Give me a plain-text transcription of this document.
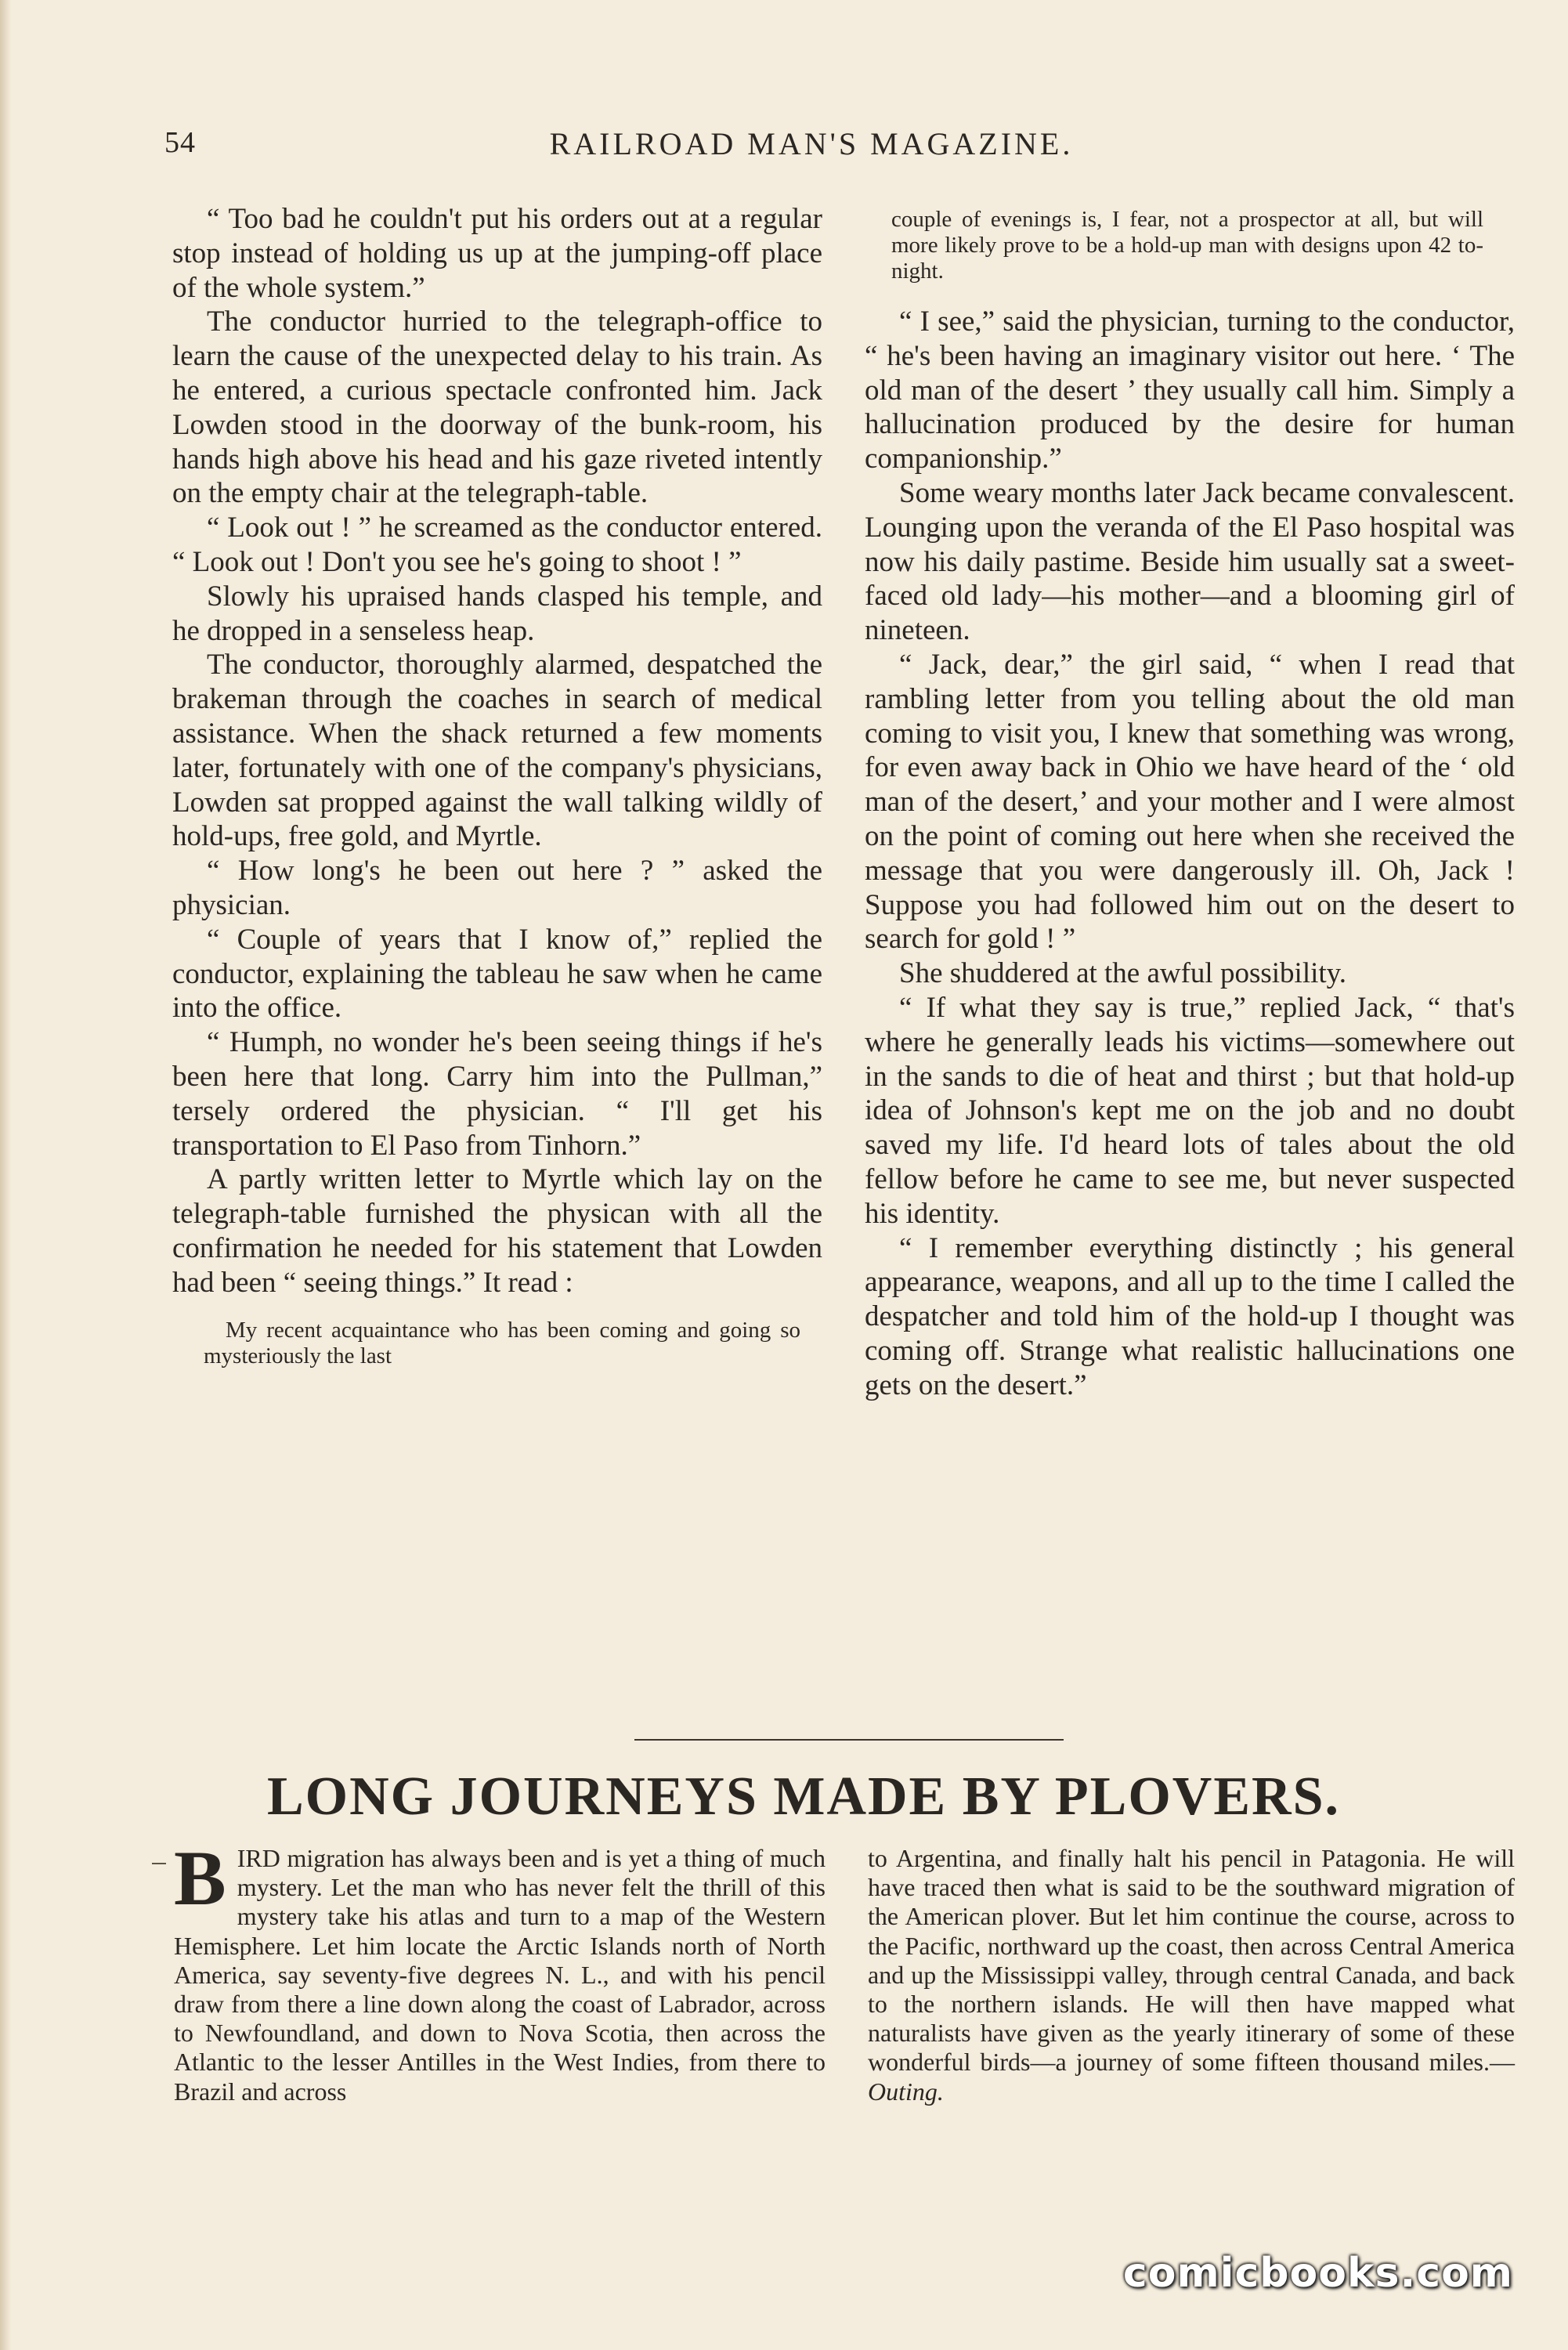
54	RAILROAD MAN'S MAGAZINE.

“ Too bad he couldn't put his orders out at a regular stop instead of holding us up at the jumping-off place of the whole system.”

The conductor hurried to the telegraph-office to learn the cause of the unexpected delay to his train. As he entered, a curious spectacle confronted him. Jack Lowden stood in the doorway of the bunk-room, his hands high above his head and his gaze riveted intently on the empty chair at the telegraph-table.

“ Look out ! ” he screamed as the conductor entered. “ Look out ! Don't you see he's going to shoot ! ”

Slowly his upraised hands clasped his temple, and he dropped in a senseless heap.

The conductor, thoroughly alarmed, despatched the brakeman through the coaches in search of medical assistance. When the shack returned a few moments later, fortunately with one of the company's physicians, Lowden sat propped against the wall talking wildly of hold-ups, free gold, and Myrtle.

“ How long's he been out here ? ” asked the physician.

“ Couple of years that I know of,” replied the conductor, explaining the tableau he saw when he came into the office.

“ Humph, no wonder he's been seeing things if he's been here that long. Carry him into the Pullman,” tersely ordered the physician. “ I'll get his transportation to El Paso from Tinhorn.”

A partly written letter to Myrtle which lay on the telegraph-table furnished the physican with all the confirmation he needed for his statement that Lowden had been “ seeing things.” It read :

My recent acquaintance who has been coming and going so mysteriously the last

couple of evenings is, I fear, not a prospector at all, but will more likely prove to be a hold-up man with designs upon 42 to-night.

“ I see,” said the physician, turning to the conductor, “ he's been having an imaginary visitor out here. ‘ The old man of the desert ’ they usually call him. Simply a hallucination produced by the desire for human companionship.”

Some weary months later Jack became convalescent. Lounging upon the veranda of the El Paso hospital was now his daily pastime. Beside him usually sat a sweet-faced old lady—his mother—and a blooming girl of nineteen.

“ Jack, dear,” the girl said, “ when I read that rambling letter from you telling about the old man coming to visit you, I knew that something was wrong, for even away back in Ohio we have heard of the ‘ old man of the desert,’ and your mother and I were almost on the point of coming out here when she received the message that you were dangerously ill. Oh, Jack ! Suppose you had followed him out on the desert to search for gold ! ”

She shuddered at the awful possibility.

“ If what they say is true,” replied Jack, “ that's where he generally leads his victims—somewhere out in the sands to die of heat and thirst ; but that hold-up idea of Johnson's kept me on the job and no doubt saved my life. I'd heard lots of tales about the old fellow before he came to see me, but never suspected his identity.

“ I remember everything distinctly ; his general appearance, weapons, and all up to the time I called the despatcher and told him of the hold-up I thought was coming off. Strange what realistic hallucinations one gets on the desert.”

LONG JOURNEYS MADE BY PLOVERS.

BIRD migration has always been and is yet a thing of much mystery. Let the man who has never felt the thrill of this mystery take his atlas and turn to a map of the Western Hemisphere. Let him locate the Arctic Islands north of North America, say seventy-five degrees N. L., and with his pencil draw from there a line down along the coast of Labrador, across to Newfoundland, and down to Nova Scotia, then across the Atlantic to the lesser Antilles in the West Indies, from there to Brazil and across

to Argentina, and finally halt his pencil in Patagonia. He will have traced then what is said to be the southward migration of the American plover. But let him continue the course, across to the Pacific, northward up the coast, then across Central America and up the Mississippi valley, through central Canada, and back to the northern islands. He will then have mapped what naturalists have given as the yearly itinerary of some of these wonderful birds—a journey of some fifteen thousand miles.—Outing.

comicbooks.com
